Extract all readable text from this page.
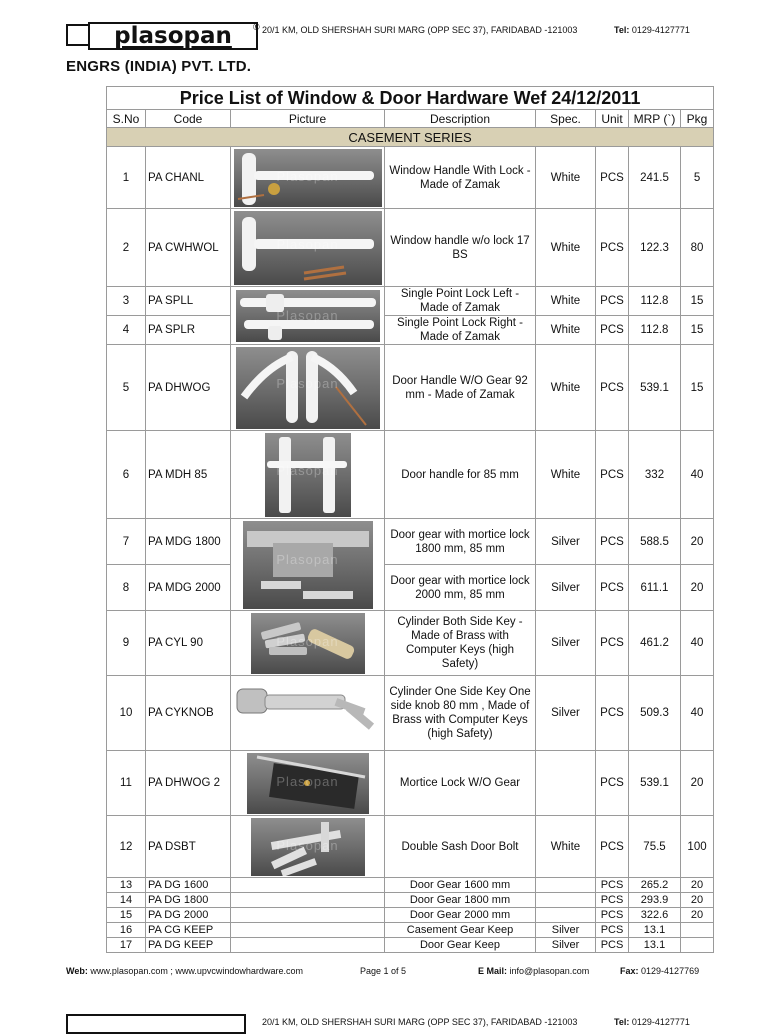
plasopan ® 20/1 KM, OLD SHERSHAH SURI MARG (OPP SEC 37), FARIDABAD -121003	Tel: 0129-4127771
ENGRS (INDIA) PVT. LTD.
Price List of Window & Door Hardware Wef 24/12/2011							
S.No	Code	Picture	Description	Spec.	Unit	MRP (`)	Pkg
CASEMENT SERIES							
1	PA CHANL	Plasopan	Window Handle With Lock - Made of Zamak	White	PCS	241.5	5
2	PA CWHWOL	Plasopan	Window handle w/o lock 17 BS	White	PCS	122.3	80
3	PA SPLL	Plasopan	Single Point Lock Left - Made of Zamak	White	PCS	112.8	15
4	PA SPLR		Single Point Lock Right - Made of Zamak	White	PCS	112.8	15
5	PA DHWOG	Plasopan	Door Handle W/O Gear 92 mm - Made of Zamak	White	PCS	539.1	15
6	PA MDH 85	Plasopan	Door handle for 85 mm	White	PCS	332	40
7	PA MDG 1800	Plasopan	Door gear with mortice lock 1800 mm, 85 mm	Silver	PCS	588.5	20
8	PA MDG 2000		Door gear with mortice lock 2000 mm, 85 mm	Silver	PCS	611.1	20
9	PA CYL 90	Plasopan	Cylinder Both Side Key - Made of Brass with Computer Keys (high Safety)	Silver	PCS	461.2	40
10	PA CYKNOB		Cylinder One Side Key One side knob 80 mm , Made of Brass with Computer Keys (high Safety)	Silver	PCS	509.3	40
11	PA DHWOG 2	Plasopan	Mortice Lock W/O Gear		PCS	539.1	20
12	PA DSBT	Plasopan	Double Sash Door Bolt	White	PCS	75.5	100
13	PA DG 1600		Door Gear 1600 mm		PCS	265.2	20
14	PA DG 1800		Door Gear 1800 mm		PCS	293.9	20
15	PA DG 2000		Door Gear 2000 mm		PCS	322.6	20
16	PA CG KEEP		Casement Gear Keep	Silver	PCS	13.1	
17	PA DG KEEP		Door Gear Keep	Silver	PCS	13.1	
Web: www.plasopan.com ; www.upvcwindowhardware.com	Page 1 of 5	E Mail: info@plasopan.com	Fax: 0129-4127769
20/1 KM, OLD SHERSHAH SURI MARG (OPP SEC 37), FARIDABAD -121003	Tel: 0129-4127771
